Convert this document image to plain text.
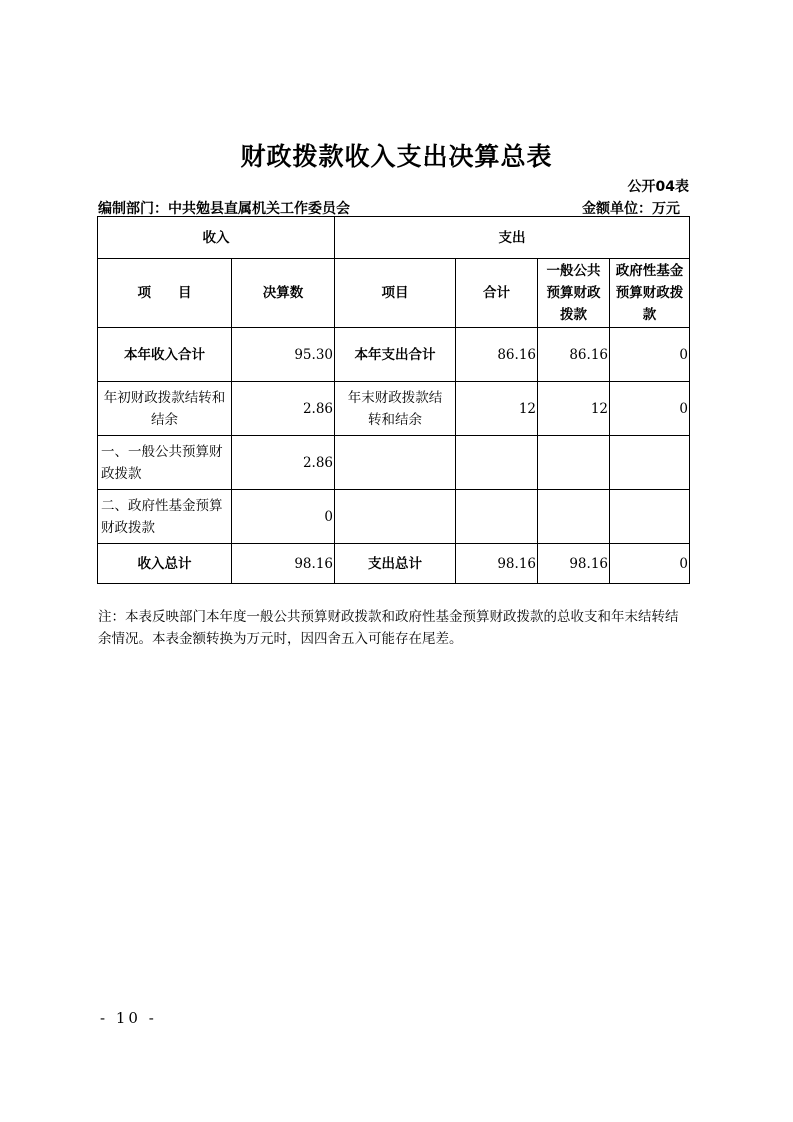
财政拨款收入支出决算总表
公开04表
编制部门：中共勉县直属机关工作委员会	金额单位：万元
收入		支出			
项　　目	决算数	项目	合计	一般公共预算财政拨款	政府性基金预算财政拨款
本年收入合计	95.30	本年支出合计	86.16	86.16	0
年初财政拨款结转和结余	2.86	年末财政拨款结转和结余	12	12	0
一、一般公共预算财政拨款	2.86				
二、政府性基金预算财政拨款	0				
收入总计	98.16	支出总计	98.16	98.16	0
注：本表反映部门本年度一般公共预算财政拨款和政府性基金预算财政拨款的总收支和年末结转结余情况。本表金额转换为万元时，因四舍五入可能存在尾差。
- 10 -
